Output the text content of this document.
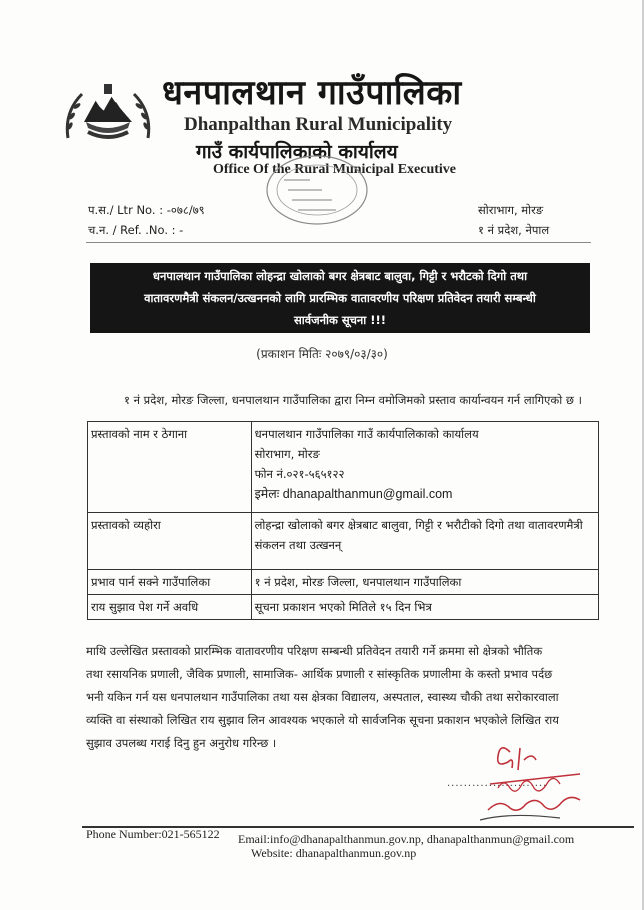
धनपालथान गाउँपालिका
Dhanpalthan Rural Municipality
गाउँ कार्यपालिकाको कार्यालय
Office Of the Rural Municipal Executive
प.स./ Ltr No. : -०७८/७९
च.न. / Ref. .No. : -
सोराभाग, मोरङ
१ नं प्रदेश, नेपाल
धनपालथान गाउँपालिका लोहन्द्रा खोलाको बगर क्षेत्रबाट बालुवा, गिट्टी र भरौटको दिगो तथा
वातावरणमैत्री संकलन/उत्खननको लागि प्रारम्भिक वातावरणीय परिक्षण प्रतिवेदन तयारी सम्बन्धी
सार्वजनीक सूचना !!!
(प्रकाशन मितिः २०७९/०३/३०)
१ नं प्रदेश, मोरङ जिल्ला, धनपालथान गाउँपालिका द्वारा निम्न वमोजिमको प्रस्ताव कार्यान्वयन गर्न लागिएको छ ।
प्रस्तावको नाम र ठेगाना	धनपालथान गाउँपालिका गाउँ कार्यपालिकाको कार्यालय
सोराभाग, मोरङ
फोन नं.०२१-५६५१२२
इमेलः dhanapalthanmun@gmail.com

प्रस्तावको व्यहोरा	लोहन्द्रा खोलाको बगर क्षेत्रबाट बालुवा, गिट्टी र भरौटीको दिगो तथा वातावरणमैत्री
संकलन तथा उत्खनन्

प्रभाव पार्न सक्ने गाउँपालिका	१ नं प्रदेश, मोरङ जिल्ला, धनपालथान गाउँपालिका

राय सुझाव पेश गर्ने अवधि	सूचना प्रकाशन भएको मितिले १५ दिन भित्र
माथि उल्लेखित प्रस्तावको प्रारम्भिक वातावरणीय परिक्षण सम्बन्धी प्रतिवेदन तयारी गर्ने क्रममा सो क्षेत्रको भौतिक
तथा रसायनिक प्रणाली, जैविक प्रणाली, सामाजिक- आर्थिक प्रणाली र सांस्कृतिक प्रणालीमा के कस्तो प्रभाव पर्दछ
भनी यकिन गर्न यस धनपालथान गाउँपालिका तथा यस क्षेत्रका विद्यालय, अस्पताल, स्वास्थ्य चौकी तथा सरोकारवाला
व्यक्ति वा संस्थाको लिखित राय सुझाव लिन आवश्यक भएकाले यो सार्वजनिक सूचना प्रकाशन भएकोले लिखित राय
सुझाव उपलब्ध गराई दिनु हुन अनुरोध गरिन्छ ।
........................
Phone Number:021-565122 Email:info@dhanapalthanmun.gov.np, dhanapalthanmun@gmail.com
Website: dhanapalthanmun.gov.np
